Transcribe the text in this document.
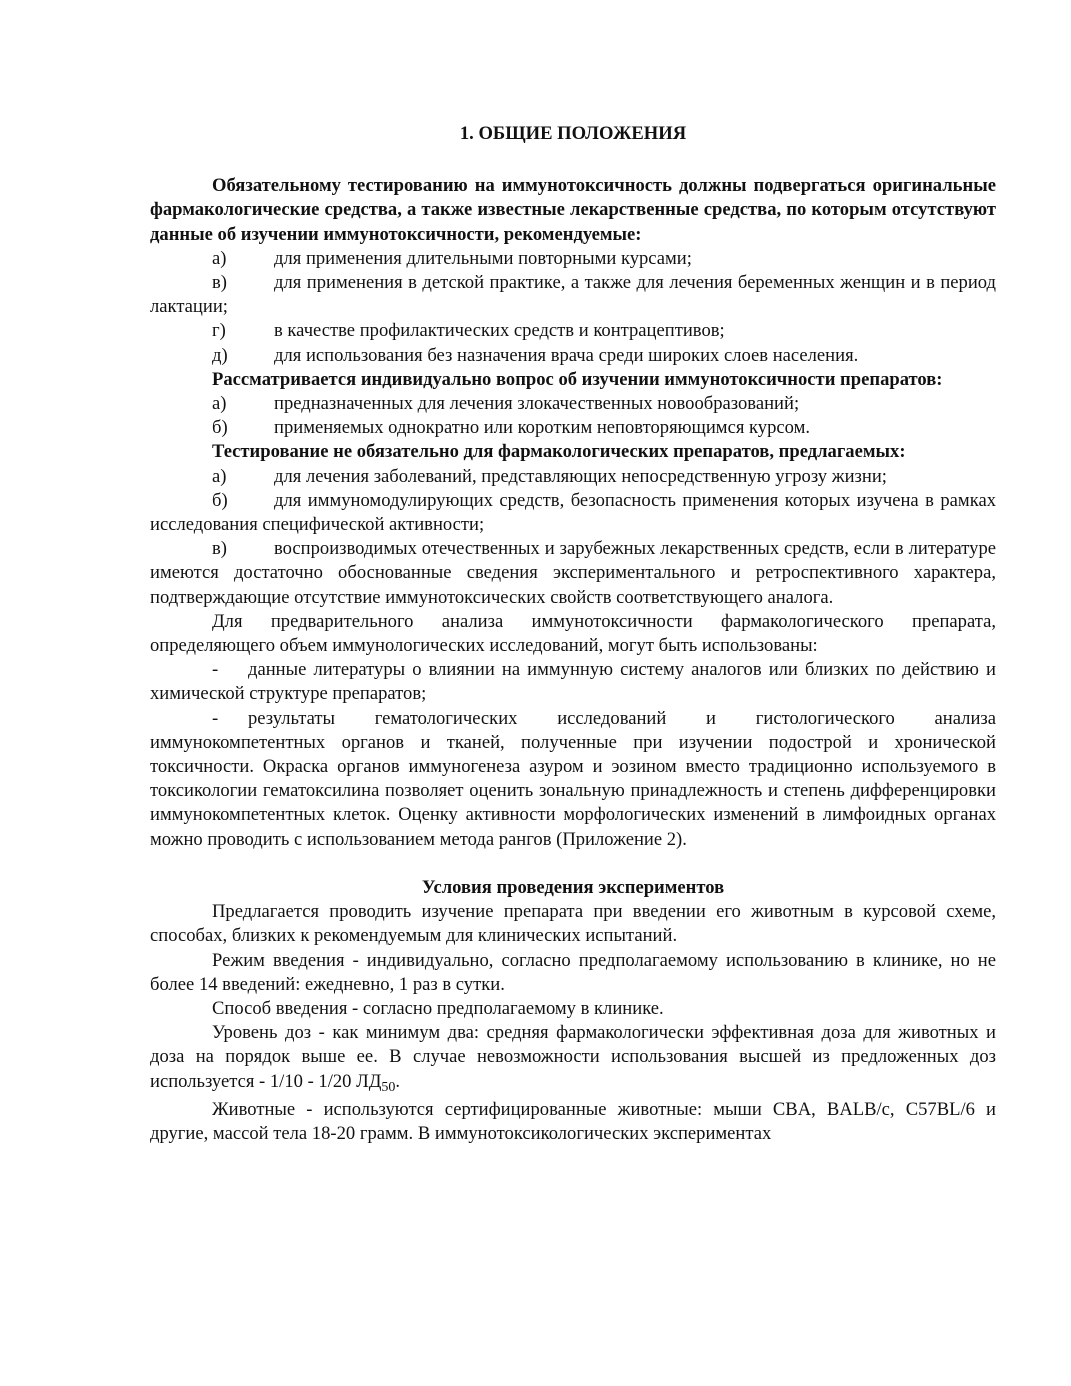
1. ОБЩИЕ ПОЛОЖЕНИЯ

Обязательному тестированию на иммунотоксичность должны подвергаться оригинальные фармакологические средства, а также известные лекарственные средства, по которым отсутствуют данные об изучении иммунотоксичности, рекомендуемые:

а)	для применения длительными повторными курсами;

в)	для применения в детской практике, а также для лечения беременных женщин и в период лактации;

г)	в качестве профилактических средств и контрацептивов;

д) для использования без назначения врача среди широких слоев населения.

Рассматривается индивидуально вопрос об изучении иммунотоксичности препаратов:

а)	предназначенных для лечения злокачественных новообразований;

б) применяемых однократно или коротким неповторяющимся курсом.

Тестирование не обязательно для фармакологических препаратов, предлагаемых:

а)	для лечения заболеваний, представляющих непосредственную угрозу жизни;

б) для иммуномодулирующих средств, безопасность применения которых изучена в рамках исследования специфической активности;

в)	воспроизводимых отечественных и зарубежных лекарственных средств, если в литературе имеются достаточно обоснованные сведения экспериментального и ретроспективного характера, подтверждающие отсутствие иммунотоксических свойств соответствующего аналога.

Для предварительного анализа иммунотоксичности фармакологического препарата, определяющего объем иммунологических исследований, могут быть использованы:

- данные литературы о влиянии на иммунную систему аналогов или близких по действию и химической структуре препаратов;

- результаты гематологических исследований и гистологического анализа иммунокомпетентных органов и тканей, полученные при изучении подострой и хронической токсичности. Окраска органов иммуногенеза азуром и эозином вместо традиционно используемого в токсикологии гематоксилина позволяет оценить зональную принадлежность и степень дифференцировки иммунокомпетентных клеток. Оценку активности морфологических изменений в лимфоидных органах можно проводить с использованием метода рангов (Приложение 2).

Условия проведения экспериментов

Предлагается проводить изучение препарата при введении его животным в курсовой схеме, способах, близких к рекомендуемым для клинических испытаний.

Режим введения - индивидуально, согласно предполагаемому использованию в клинике, но не более 14 введений: ежедневно, 1 раз в сутки.

Способ введения - согласно предполагаемому в клинике.

Уровень доз - как минимум два: средняя фармакологически эффективная доза для животных и доза на порядок выше ее. В случае невозможности использования высшей из предложенных доз используется - 1/10 - 1/20 $ЛД_{50}$.

Животные - используются сертифицированные животные: мыши CBA, BALB/c, C57BL/6 и другие, массой тела 18-20 грамм. В иммунотоксикологических экспериментах
